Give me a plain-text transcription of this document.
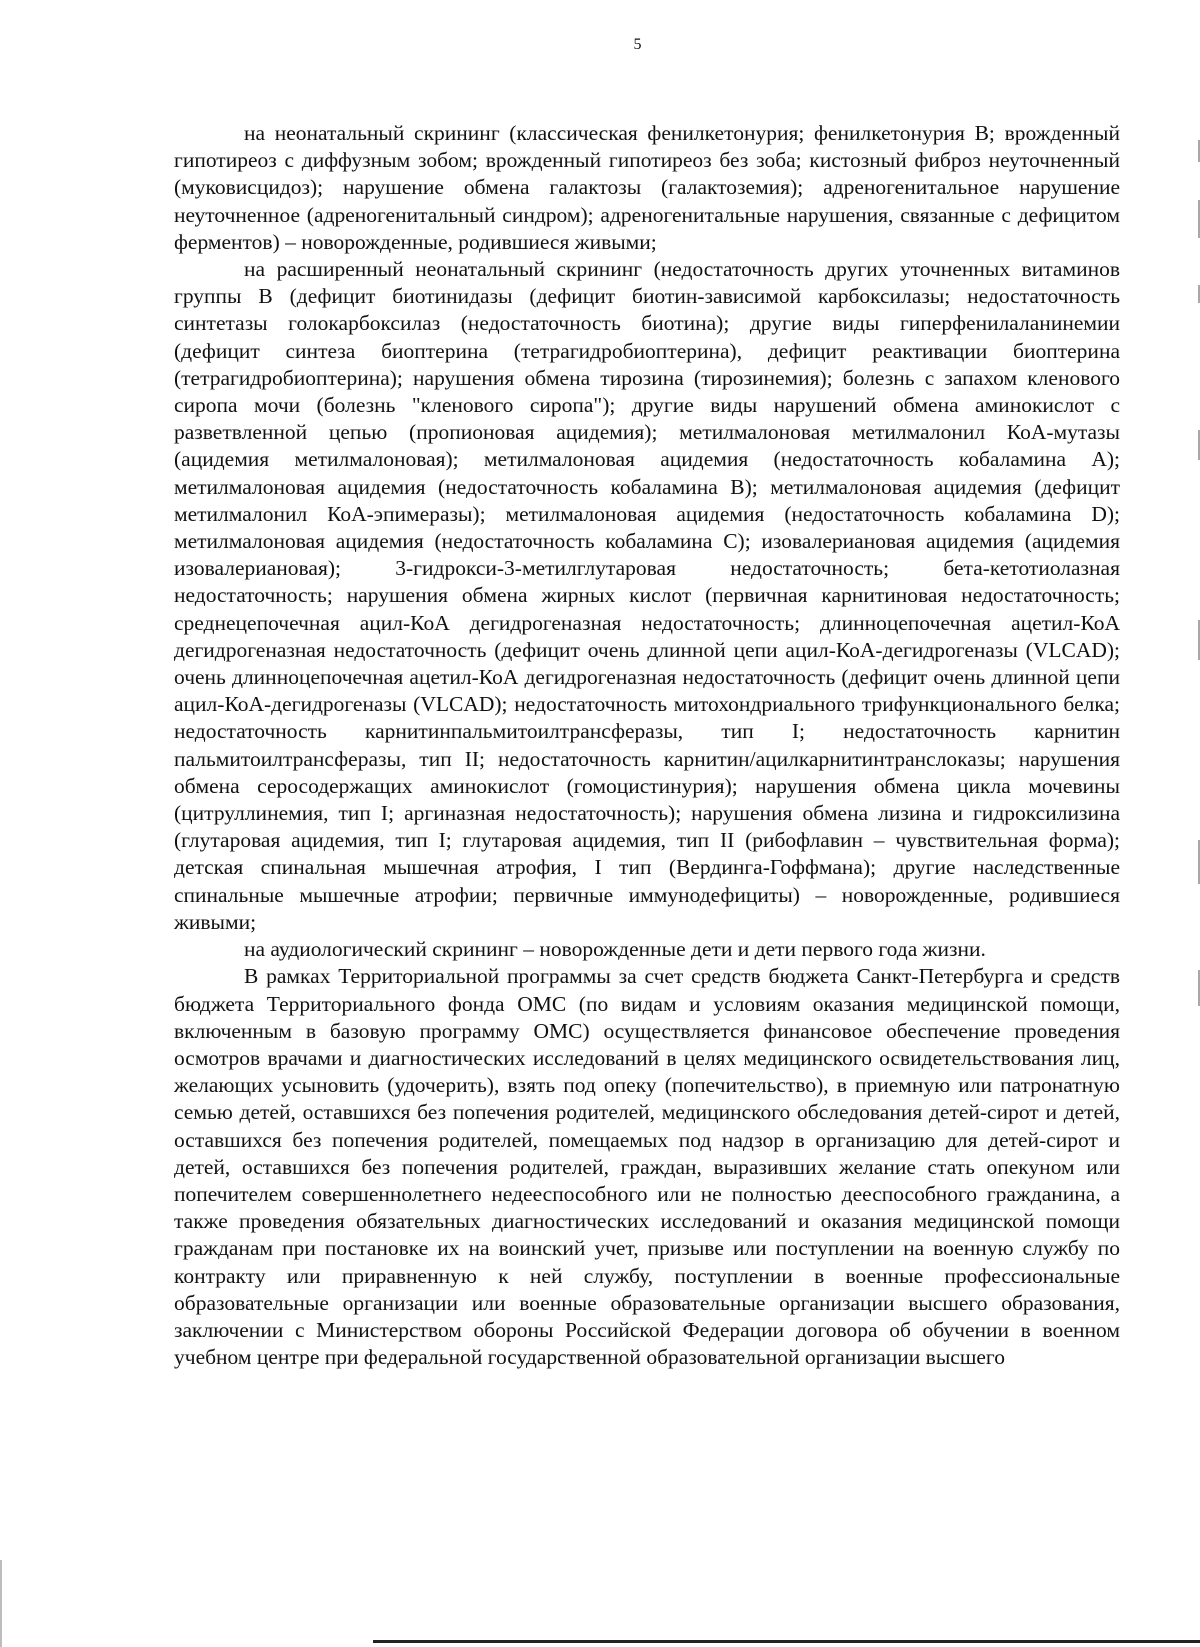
5

на неонатальный скрининг (классическая фенилкетонурия; фенилкетонурия В; врожденный гипотиреоз с диффузным зобом; врожденный гипотиреоз без зоба; кистозный фиброз неуточненный (муковисцидоз); нарушение обмена галактозы (галактоземия); адреногенитальное нарушение неуточненное (адреногенитальный синдром); адреногенитальные нарушения, связанные с дефицитом ферментов) – новорожденные, родившиеся живыми;

на расширенный неонатальный скрининг (недостаточность других уточненных витаминов группы В (дефицит биотинидазы (дефицит биотин-зависимой карбоксилазы; недостаточность синтетазы голокарбоксилаз (недостаточность биотина); другие виды гиперфенилаланинемии (дефицит синтеза биоптерина (тетрагидробиоптерина), дефицит реактивации биоптерина (тетрагидробиоптерина); нарушения обмена тирозина (тирозинемия); болезнь с запахом кленового сиропа мочи (болезнь "кленового сиропа"); другие виды нарушений обмена аминокислот с разветвленной цепью (пропионовая ацидемия); метилмалоновая метилмалонил КоА-мутазы (ацидемия метилмалоновая); метилмалоновая ацидемия (недостаточность кобаламина А); метилмалоновая ацидемия (недостаточность кобаламина В); метилмалоновая ацидемия (дефицит метилмалонил КоА-эпимеразы); метилмалоновая ацидемия (недостаточность кобаламина D); метилмалоновая ацидемия (недостаточность кобаламина С); изовалериановая ацидемия (ацидемия изовалериановая); 3-гидрокси-3-метилглутаровая недостаточность; бета-кетотиолазная недостаточность; нарушения обмена жирных кислот (первичная карнитиновая недостаточность; среднецепочечная ацил-КоА дегидрогеназная недостаточность; длинноцепочечная ацетил-КоА дегидрогеназная недостаточность (дефицит очень длинной цепи ацил-КоА-дегидрогеназы (VLCAD); очень длинноцепочечная ацетил-КоА дегидрогеназная недостаточность (дефицит очень длинной цепи ацил-КоА-дегидрогеназы (VLCAD); недостаточность митохондриального трифункционального белка; недостаточность карнитинпальмитоилтрансферазы, тип I; недостаточность карнитин пальмитоилтрансферазы, тип II; недостаточность карнитин/ацилкарнитинтранслоказы; нарушения обмена серосодержащих аминокислот (гомоцистинурия); нарушения обмена цикла мочевины (цитруллинемия, тип I; аргиназная недостаточность); нарушения обмена лизина и гидроксилизина (глутаровая ацидемия, тип I; глутаровая ацидемия, тип II (рибофлавин – чувствительная форма); детская спинальная мышечная атрофия, I тип (Вердинга-Гоффмана); другие наследственные спинальные мышечные атрофии; первичные иммунодефициты) – новорожденные, родившиеся живыми;

на аудиологический скрининг – новорожденные дети и дети первого года жизни.

В рамках Территориальной программы за счет средств бюджета Санкт-Петербурга и средств бюджета Территориального фонда ОМС (по видам и условиям оказания медицинской помощи, включенным в базовую программу ОМС) осуществляется финансовое обеспечение проведения осмотров врачами и диагностических исследований в целях медицинского освидетельствования лиц, желающих усыновить (удочерить), взять под опеку (попечительство), в приемную или патронатную семью детей, оставшихся без попечения родителей, медицинского обследования детей-сирот и детей, оставшихся без попечения родителей, помещаемых под надзор в организацию для детей-сирот и детей, оставшихся без попечения родителей, граждан, выразивших желание стать опекуном или попечителем совершеннолетнего недееспособного или не полностью дееспособного гражданина, а также проведения обязательных диагностических исследований и оказания медицинской помощи гражданам при постановке их на воинский учет, призыве или поступлении на военную службу по контракту или приравненную к ней службу, поступлении в военные профессиональные образовательные организации или военные образовательные организации высшего образования, заключении с Министерством обороны Российской Федерации договора об обучении в военном учебном центре при федеральной государственной образовательной организации высшего
